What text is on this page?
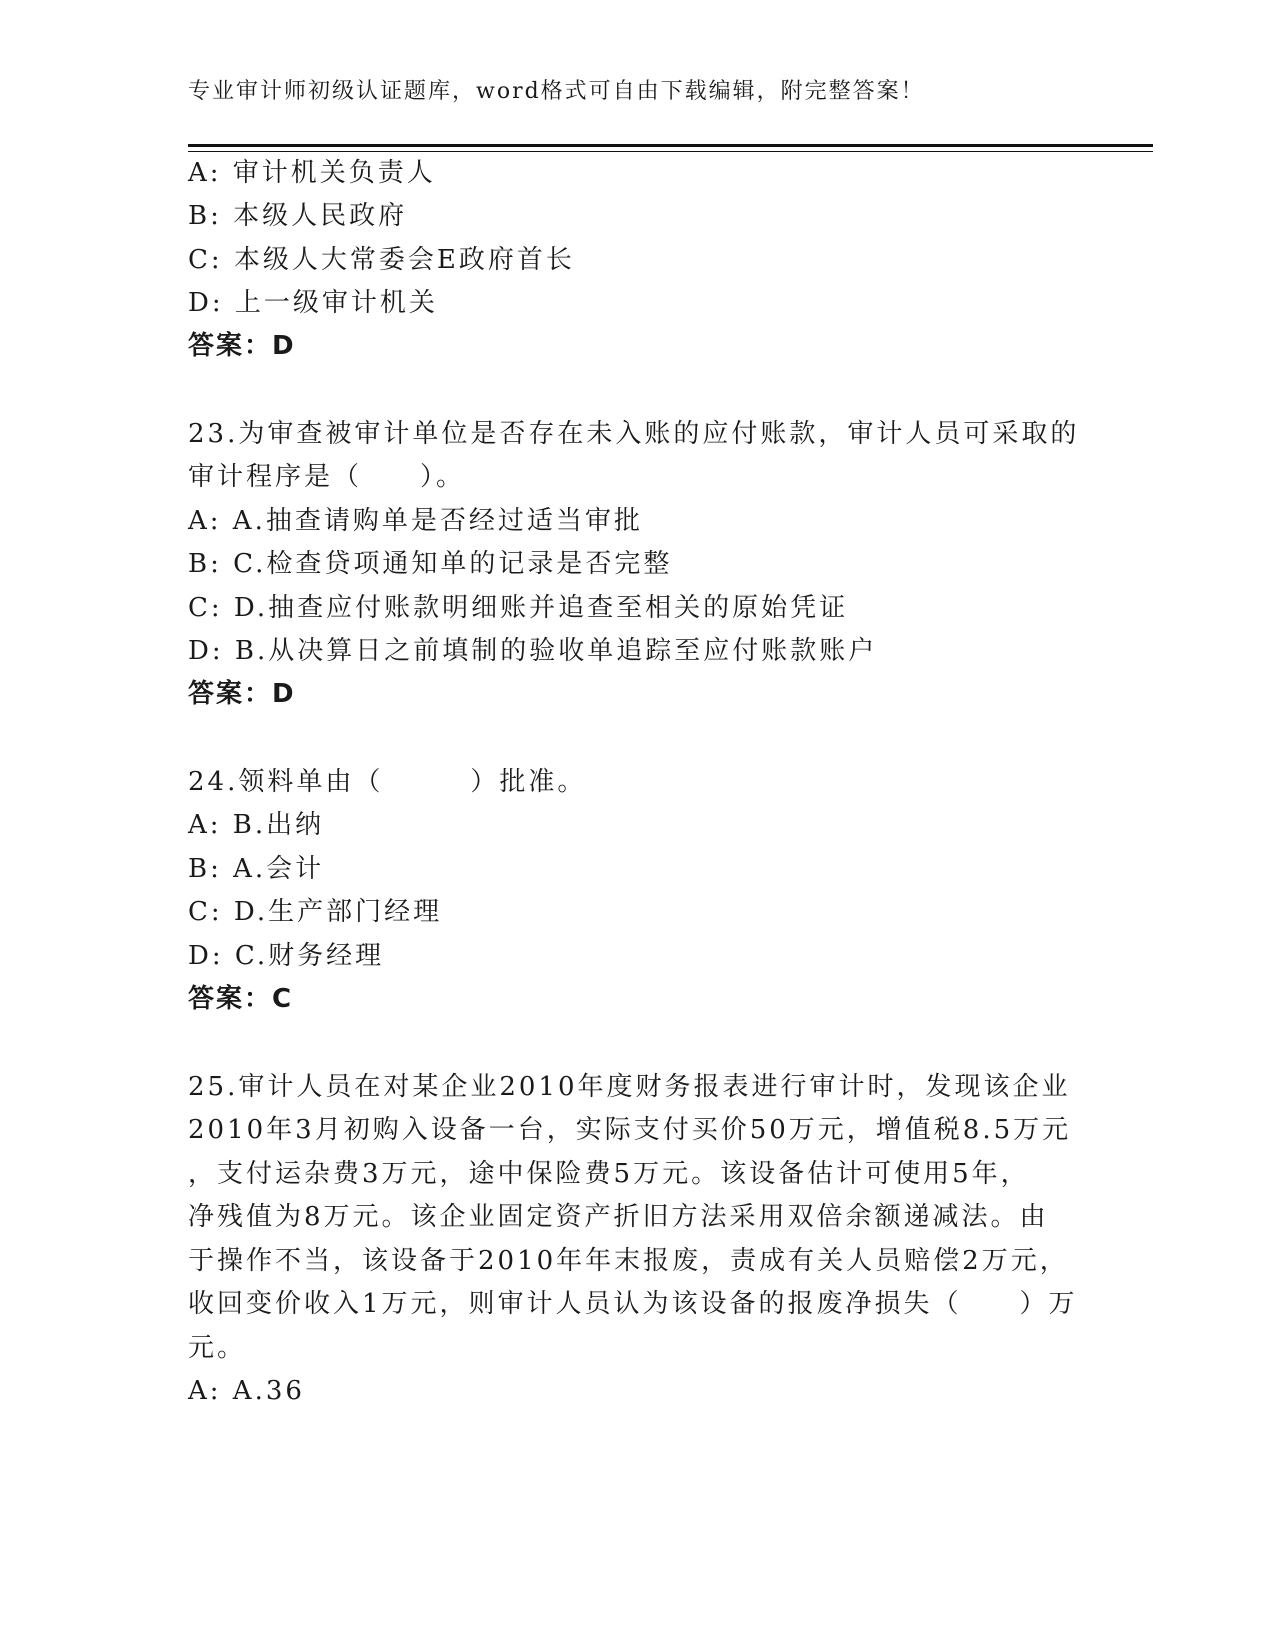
专业审计师初级认证题库，word格式可自由下载编辑，附完整答案！
A: 审计机关负责人
B: 本级人民政府
C: 本级人大常委会E政府首长
D: 上一级审计机关
答案：D
23.为审查被审计单位是否存在未入账的应付账款，审计人员可采取的
审计程序是（　　）。
A: A.抽查请购单是否经过适当审批
B: C.检查贷项通知单的记录是否完整
C: D.抽查应付账款明细账并追查至相关的原始凭证
D: B.从决算日之前填制的验收单追踪至应付账款账户
答案：D
24.领料单由（　　　）批准。
A: B.出纳
B: A.会计
C: D.生产部门经理
D: C.财务经理
答案：C
25.审计人员在对某企业2010年度财务报表进行审计时，发现该企业
2010年3月初购入设备一台，实际支付买价50万元，增值税8.5万元
，支付运杂费3万元，途中保险费5万元。该设备估计可使用5年，
净残值为8万元。该企业固定资产折旧方法采用双倍余额递减法。由
于操作不当，该设备于2010年年末报废，责成有关人员赔偿2万元，
收回变价收入1万元，则审计人员认为该设备的报废净损失（　　）万
元。
A: A.36
